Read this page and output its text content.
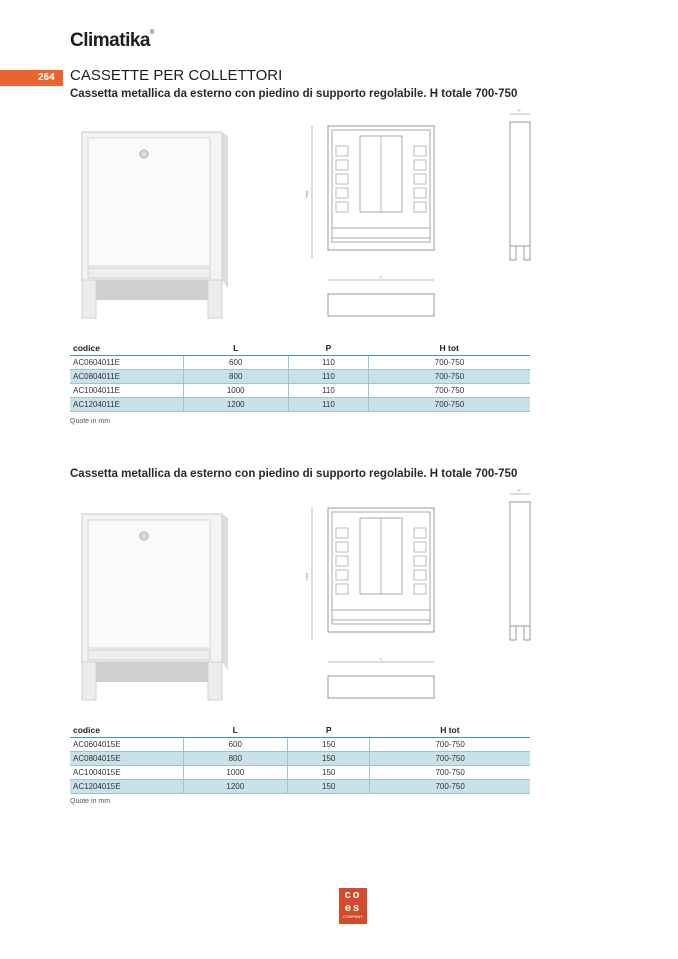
Climatika®
264 CASSETTE PER COLLETTORI
Cassetta metallica da esterno con piedino di supporto regolabile. H totale 700-750
Htot
L
P
codice	L	P	H tot
AC0604011E	600	110	700-750
AC0804011E	800	110	700-750
AC1004011E	1000	110	700-750
AC1204011E	1200	110	700-750
Quote in mm
Cassetta metallica da esterno con piedino di supporto regolabile. H totale 700-750
Htot
L
P
codice	L	P	H tot
AC0604015E	600	150	700-750
AC0804015E	800	150	700-750
AC1004015E	1000	150	700-750
AC1204015E	1200	150	700-750
Quote in mm
co
es
COMPANY
